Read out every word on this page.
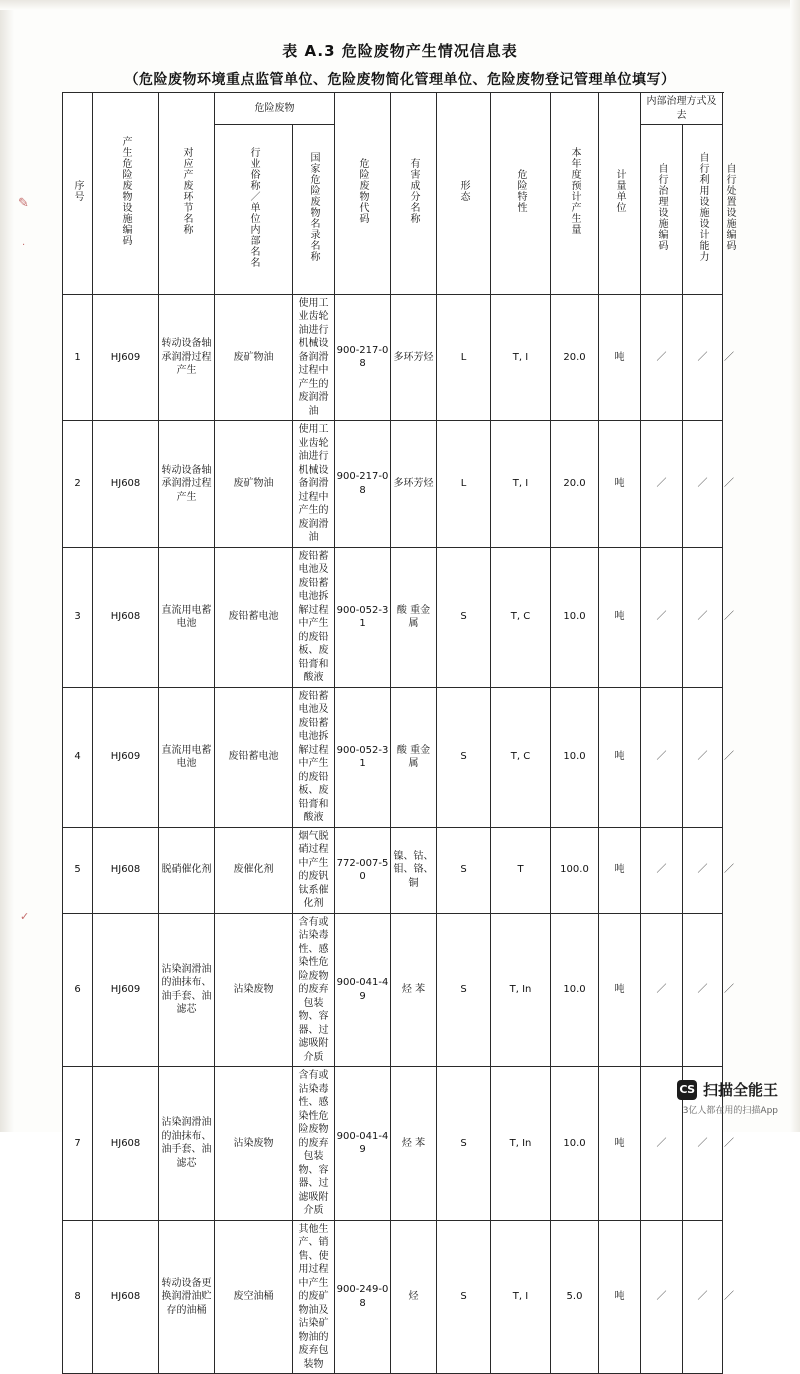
✎
·
✓
表 A.3 危险废物产生情况信息表
（危险废物环境重点监管单位、危险废物简化管理单位、危险废物登记管理单位填写）
序号	产生危险废物设施编码	对应产废环节名称	危险废物		危险废物代码	有害成分名称	形态	危险特性	本年度预计产生量	计量单位	内部治理方式及去		
			行业俗称／单位内部名名	国家危险废物名录名称							自行治理设施编码	自行利用设施设计能力	自行处置设施编码
1	HJ609	转动设备轴承润滑过程产生	废矿物油	使用工业齿轮油进行机械设备润滑过程中产生的废润滑油	900-217-08	多环芳烃	L	T, I	20.0	吨	／	／	／
2	HJ608	转动设备轴承润滑过程产生	废矿物油	使用工业齿轮油进行机械设备润滑过程中产生的废润滑油	900-217-08	多环芳烃	L	T, I	20.0	吨	／	／	／
3	HJ608	直流用电蓄电池	废铅蓄电池	废铅蓄电池及废铅蓄电池拆解过程中产生的废铅板、废铅膏和酸液	900-052-31	酸 重金属	S	T, C	10.0	吨	／	／	／
4	HJ609	直流用电蓄电池	废铅蓄电池	废铅蓄电池及废铅蓄电池拆解过程中产生的废铅板、废铅膏和酸液	900-052-31	酸 重金属	S	T, C	10.0	吨	／	／	／
5	HJ608	脱硝催化剂	废催化剂	烟气脱硝过程中产生的废钒钛系催化剂	772-007-50	镍、钴、钼、铬、铜	S	T	100.0	吨	／	／	／
6	HJ609	沾染润滑油的油抹布、油手套、油滤芯	沾染废物	含有或沾染毒性、感染性危险废物的废弃包装物、容器、过滤吸附介质	900-041-49	烃 苯	S	T, In	10.0	吨	／	／	／
7	HJ608	沾染润滑油的油抹布、油手套、油滤芯	沾染废物	含有或沾染毒性、感染性危险废物的废弃包装物、容器、过滤吸附介质	900-041-49	烃 苯	S	T, In	10.0	吨	／	／	／
8	HJ608	转动设备更换润滑油贮存的油桶	废空油桶	其他生产、销售、使用过程中产生的废矿物油及沾染矿物油的废弃包装物	900-249-08	烃	S	T, I	5.0	吨	／	／	／
CS 扫描全能王
3亿人都在用的扫描App
